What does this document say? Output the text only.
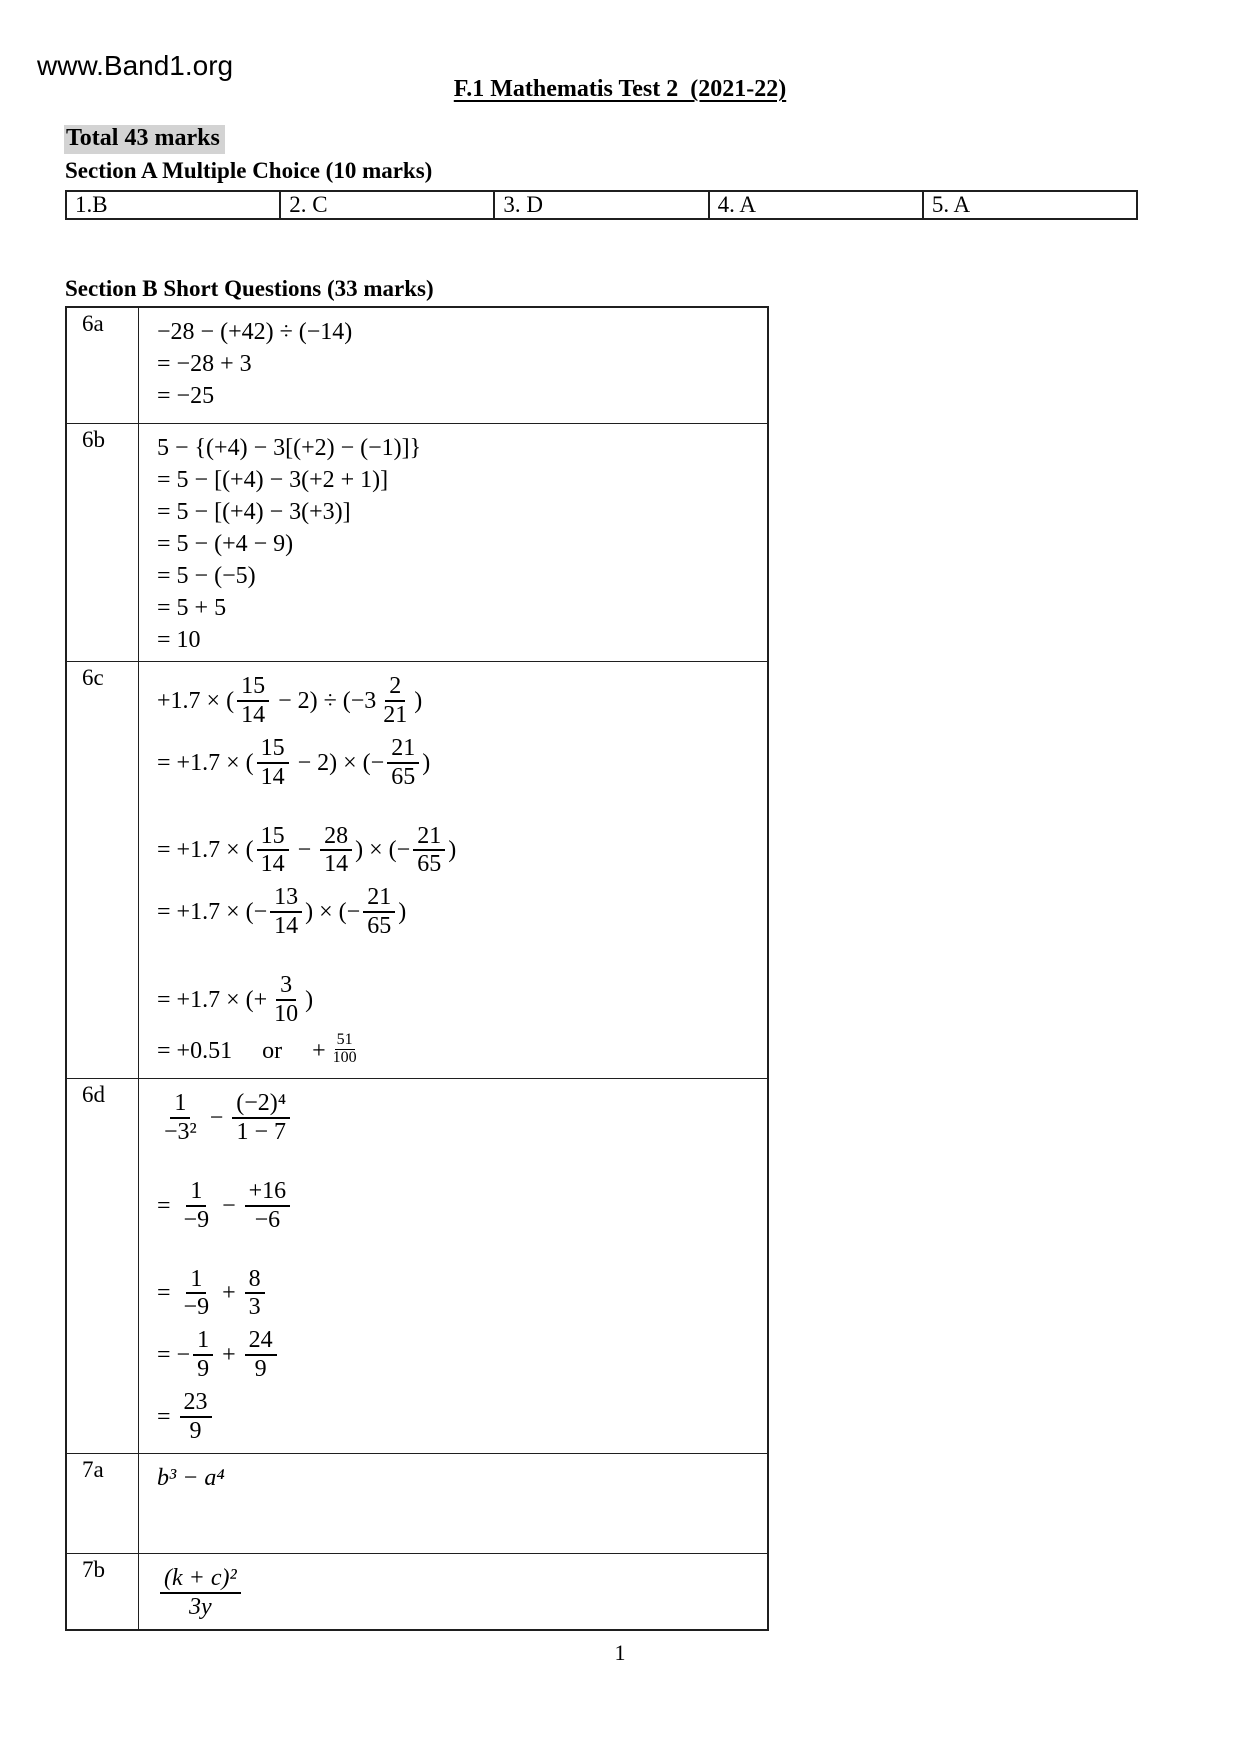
www.Band1.org
F.1 Mathematis Test 2  (2021-22)
Total 43 marks
Section A Multiple Choice (10 marks)
1.B	2. C	3. D	4. A	5. A
Section B Short Questions (33 marks)
6a	−28 − (+42) ÷ (−14)
= −28 + 3
= −25
6b	5 − {(+4) − 3[(+2) − (−1)]}
= 5 − [(+4) − 3(+2 + 1)]
= 5 − [(+4) − 3(+3)]
= 5 − (+4 − 9)
= 5 − (−5)
= 5 + 5
= 10
6c
+1.7 × ( $\frac{15}{14} - 2) \div (-3 \frac{2}{21}$ )
= +1.7 × ( $\frac{15}{14} - 2$) × (− $\frac{21}{65}$ )
= +1.7 × ( $\frac{15}{14} - \frac{28}{14}$ ) × (− $\frac{21}{65}$ )
= +1.7 × (− $\frac{13}{14}$ ) × (− $\frac{21}{65}$ )
= +1.7 × (+ $\frac{3}{10}$ )
= +0.51     or     + $\frac{51}{100}$
6d	$\frac{1}{\text{−3²}} - \frac{\text{(−2)⁴}}{1 - 7}$
= $\frac{1}{-9} - \frac{+16}{-6}$
= $\frac{1}{-9} + \frac{8}{3}$
= − $\frac{1}{9} + \frac{24}{9}$
= $\frac{23}{9}$
7a	b³ − a⁴
7b	$\frac{\text{(k + c)²}}{3y}$
1
